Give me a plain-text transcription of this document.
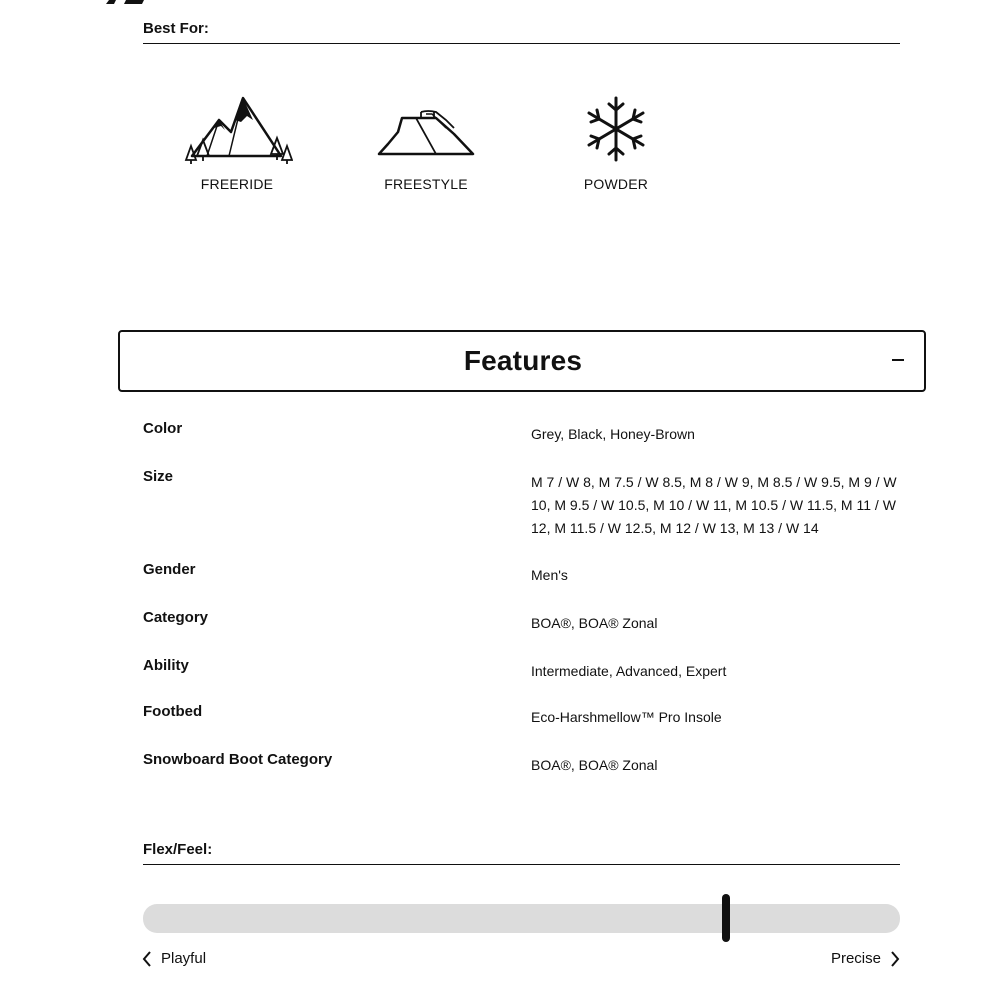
Best For:
FREERIDE	FREESTYLE	POWDER
Features
Color	Grey, Black, Honey-Brown
Size	M 7 / W 8, M 7.5 / W 8.5, M 8 / W 9, M 8.5 / W 9.5, M 9 / W 10, M 9.5 / W 10.5, M 10 / W 11, M 10.5 / W 11.5, M 11 / W 12, M 11.5 / W 12.5, M 12 / W 13, M 13 / W 14
Gender	Men's
Category	BOA®, BOA® Zonal
Ability	Intermediate, Advanced, Expert
Footbed	Eco-Harshmellow™ Pro Insole
Snowboard Boot Category	BOA®, BOA® Zonal
Flex/Feel:
Playful	Precise
